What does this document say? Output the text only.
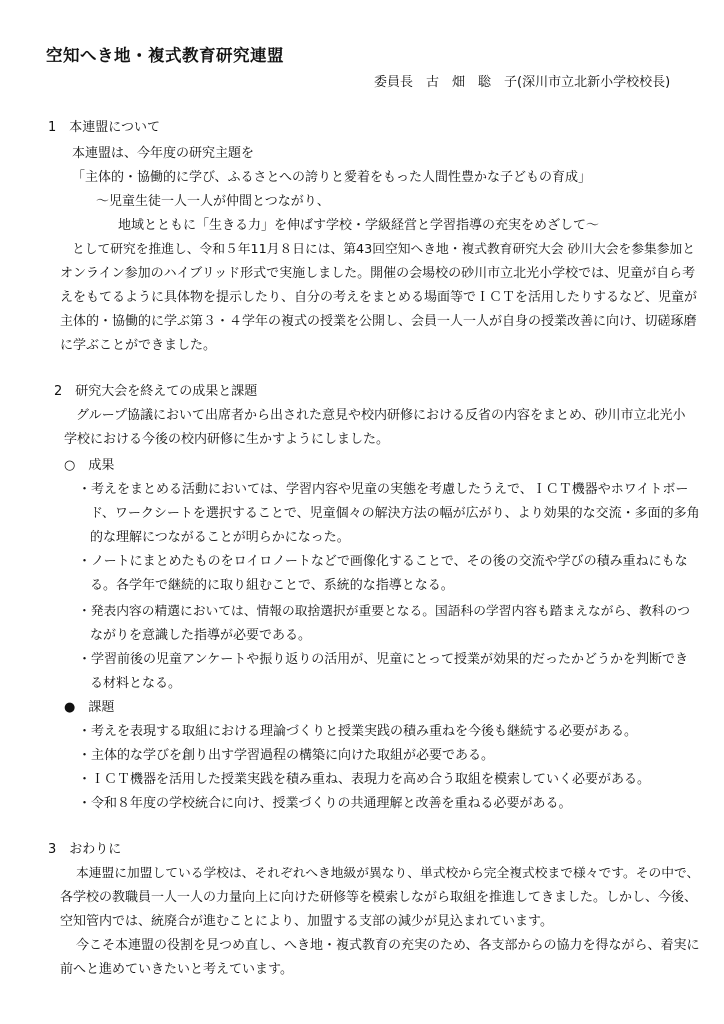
空知へき地・複式教育研究連盟
委員長　古　畑　聡　子(深川市立北新小学校校長)
1　本連盟について
本連盟は、今年度の研究主題を
「主体的・協働的に学び、ふるさとへの誇りと愛着をもった人間性豊かな子どもの育成」
～児童生徒一人一人が仲間とつながり、
地域とともに「生きる力」を伸ばす学校・学級経営と学習指導の充実をめざして～
として研究を推進し、令和５年11月８日には、第43回空知へき地・複式教育研究大会 砂川大会を参集参加と
オンライン参加のハイブリッド形式で実施しました。開催の会場校の砂川市立北光小学校では、児童が自ら考
えをもてるように具体物を提示したり、自分の考えをまとめる場面等でＩＣＴを活用したりするなど、児童が
主体的・協働的に学ぶ第３・４学年の複式の授業を公開し、会員一人一人が自身の授業改善に向け、切磋琢磨
に学ぶことができました。
2　研究大会を終えての成果と課題
グループ協議において出席者から出された意見や校内研修における反省の内容をまとめ、砂川市立北光小
学校における今後の校内研修に生かすようにしました。
○　成果
・考えをまとめる活動においては、学習内容や児童の実態を考慮したうえで、ＩＣＴ機器やホワイトボー
ド、ワークシートを選択することで、児童個々の解決方法の幅が広がり、より効果的な交流・多面的多角
的な理解につながることが明らかになった。
・ノートにまとめたものをロイロノートなどで画像化することで、その後の交流や学びの積み重ねにもな
る。各学年で継続的に取り組むことで、系統的な指導となる。
・発表内容の精選においては、情報の取捨選択が重要となる。国語科の学習内容も踏まえながら、教科のつ
ながりを意識した指導が必要である。
・学習前後の児童アンケートや振り返りの活用が、児童にとって授業が効果的だったかどうかを判断でき
る材料となる。
●　課題
・考えを表現する取組における理論づくりと授業実践の積み重ねを今後も継続する必要がある。
・主体的な学びを創り出す学習過程の構築に向けた取組が必要である。
・ＩＣＴ機器を活用した授業実践を積み重ね、表現力を高め合う取組を模索していく必要がある。
・令和８年度の学校統合に向け、授業づくりの共通理解と改善を重ねる必要がある。
3　おわりに
本連盟に加盟している学校は、それぞれへき地級が異なり、単式校から完全複式校まで様々です。その中で、
各学校の教職員一人一人の力量向上に向けた研修等を模索しながら取組を推進してきました。しかし、今後、
空知管内では、統廃合が進むことにより、加盟する支部の減少が見込まれています。
今こそ本連盟の役割を見つめ直し、へき地・複式教育の充実のため、各支部からの協力を得ながら、着実に
前へと進めていきたいと考えています。
